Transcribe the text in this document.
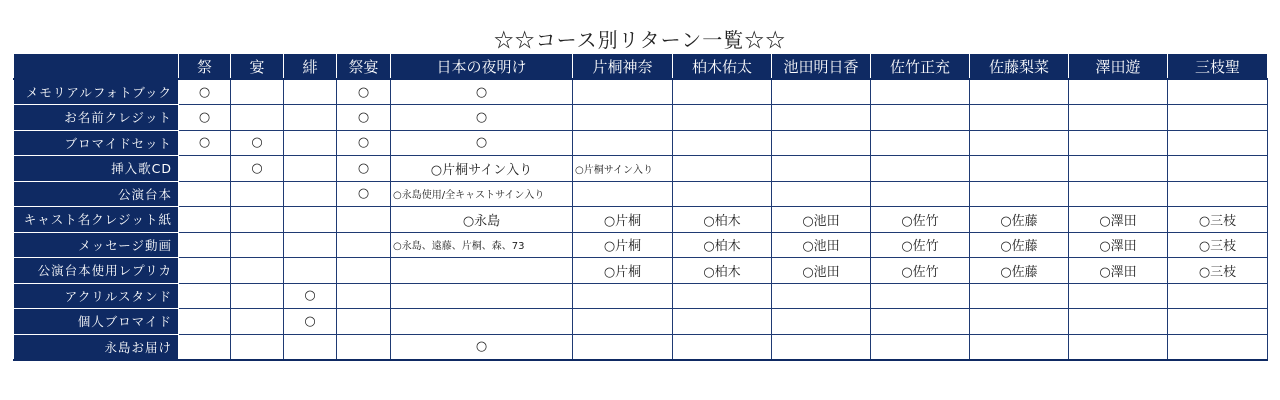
☆☆コース別リターン一覧☆☆
	祭	宴	緋	祭宴	日本の夜明け	片桐神奈	柏木佑太	池田明日香	佐竹正充	佐藤梨菜	澤田遊	三枝聖
メモリアルフォトブック	○			○	○							
お名前クレジット	○			○	○							
ブロマイドセット	○	○		○	○							
挿入歌CD		○		○	○片桐サイン入り	○片桐サイン入り						
公演台本				○	○永島使用/全キャストサイン入り							
キャスト名クレジット紙					○永島	○片桐	○柏木	○池田	○佐竹	○佐藤	○澤田	○三枝
メッセージ動画					○永島、遠藤、片桐、森、73	○片桐	○柏木	○池田	○佐竹	○佐藤	○澤田	○三枝
公演台本使用レプリカ						○片桐	○柏木	○池田	○佐竹	○佐藤	○澤田	○三枝
アクリルスタンド			○									
個人ブロマイド			○									
永島お届け					○							
